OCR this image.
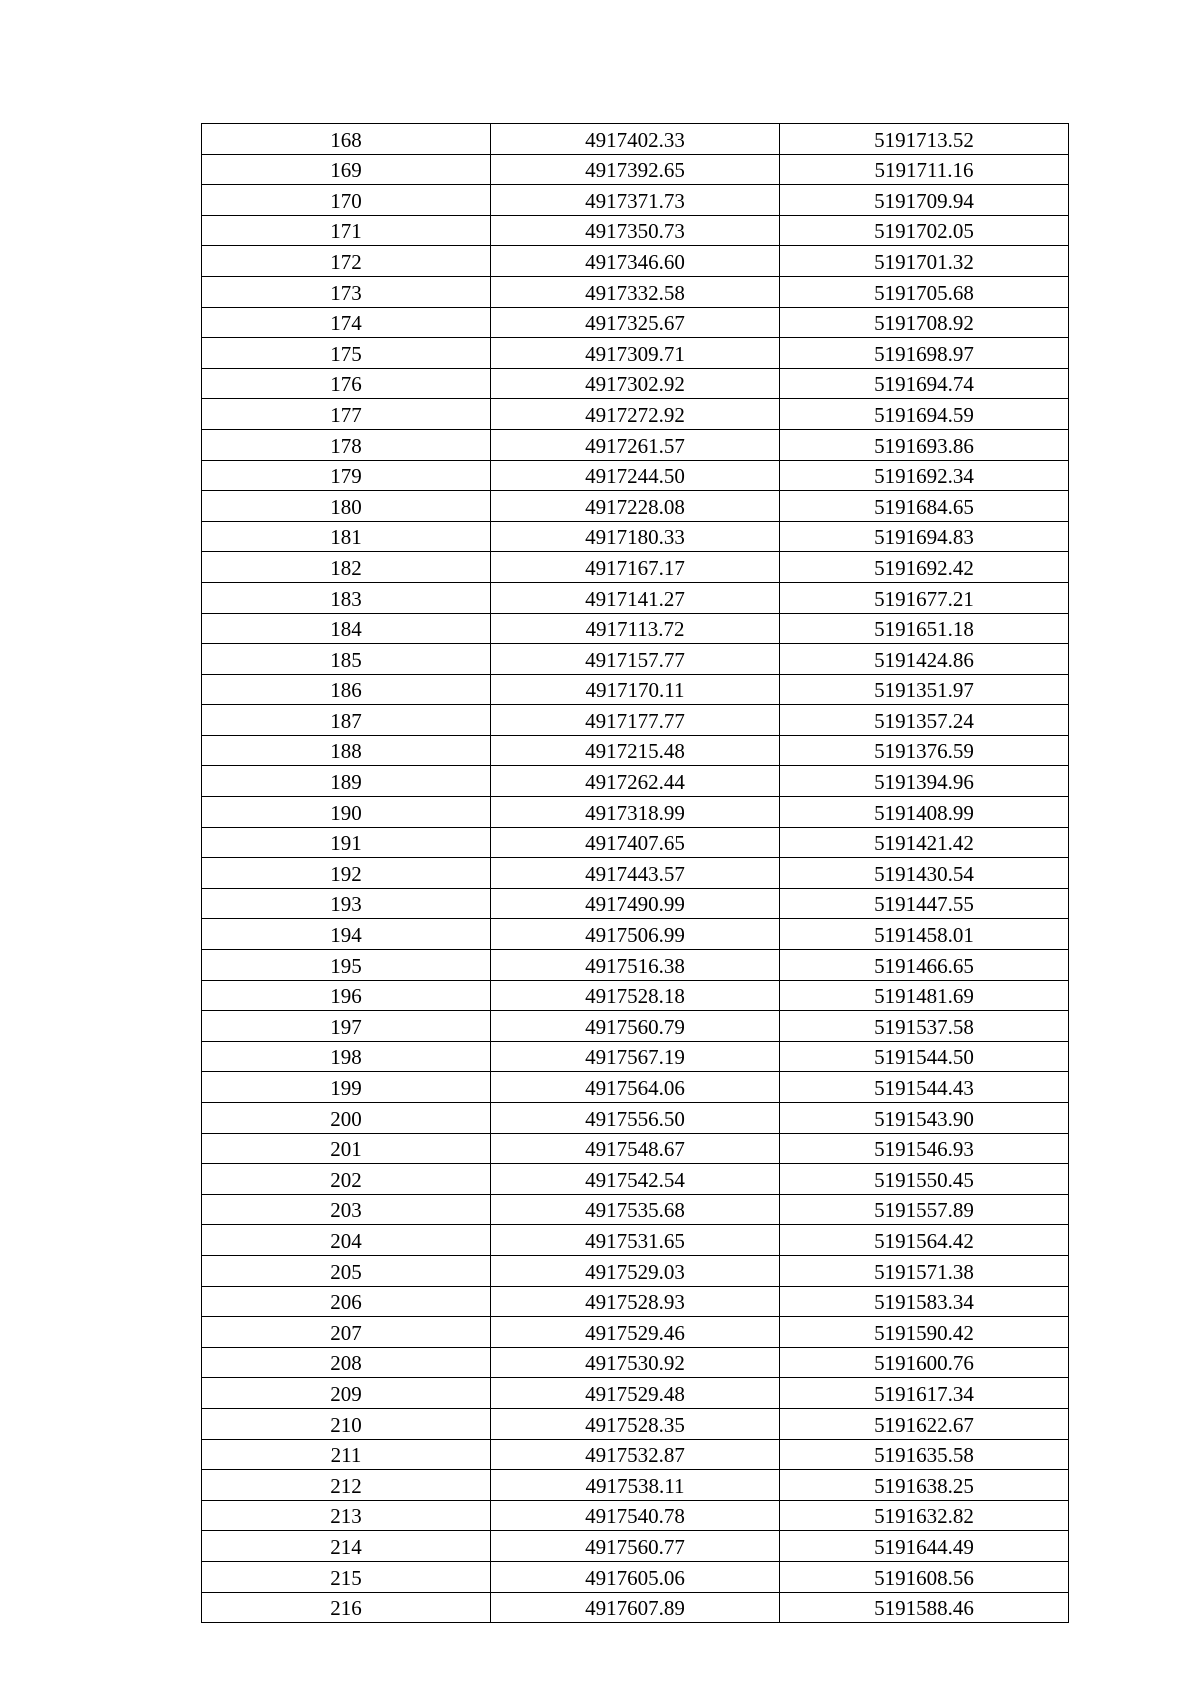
168	4917402.33	5191713.52
169	4917392.65	5191711.16
170	4917371.73	5191709.94
171	4917350.73	5191702.05
172	4917346.60	5191701.32
173	4917332.58	5191705.68
174	4917325.67	5191708.92
175	4917309.71	5191698.97
176	4917302.92	5191694.74
177	4917272.92	5191694.59
178	4917261.57	5191693.86
179	4917244.50	5191692.34
180	4917228.08	5191684.65
181	4917180.33	5191694.83
182	4917167.17	5191692.42
183	4917141.27	5191677.21
184	4917113.72	5191651.18
185	4917157.77	5191424.86
186	4917170.11	5191351.97
187	4917177.77	5191357.24
188	4917215.48	5191376.59
189	4917262.44	5191394.96
190	4917318.99	5191408.99
191	4917407.65	5191421.42
192	4917443.57	5191430.54
193	4917490.99	5191447.55
194	4917506.99	5191458.01
195	4917516.38	5191466.65
196	4917528.18	5191481.69
197	4917560.79	5191537.58
198	4917567.19	5191544.50
199	4917564.06	5191544.43
200	4917556.50	5191543.90
201	4917548.67	5191546.93
202	4917542.54	5191550.45
203	4917535.68	5191557.89
204	4917531.65	5191564.42
205	4917529.03	5191571.38
206	4917528.93	5191583.34
207	4917529.46	5191590.42
208	4917530.92	5191600.76
209	4917529.48	5191617.34
210	4917528.35	5191622.67
211	4917532.87	5191635.58
212	4917538.11	5191638.25
213	4917540.78	5191632.82
214	4917560.77	5191644.49
215	4917605.06	5191608.56
216	4917607.89	5191588.46
